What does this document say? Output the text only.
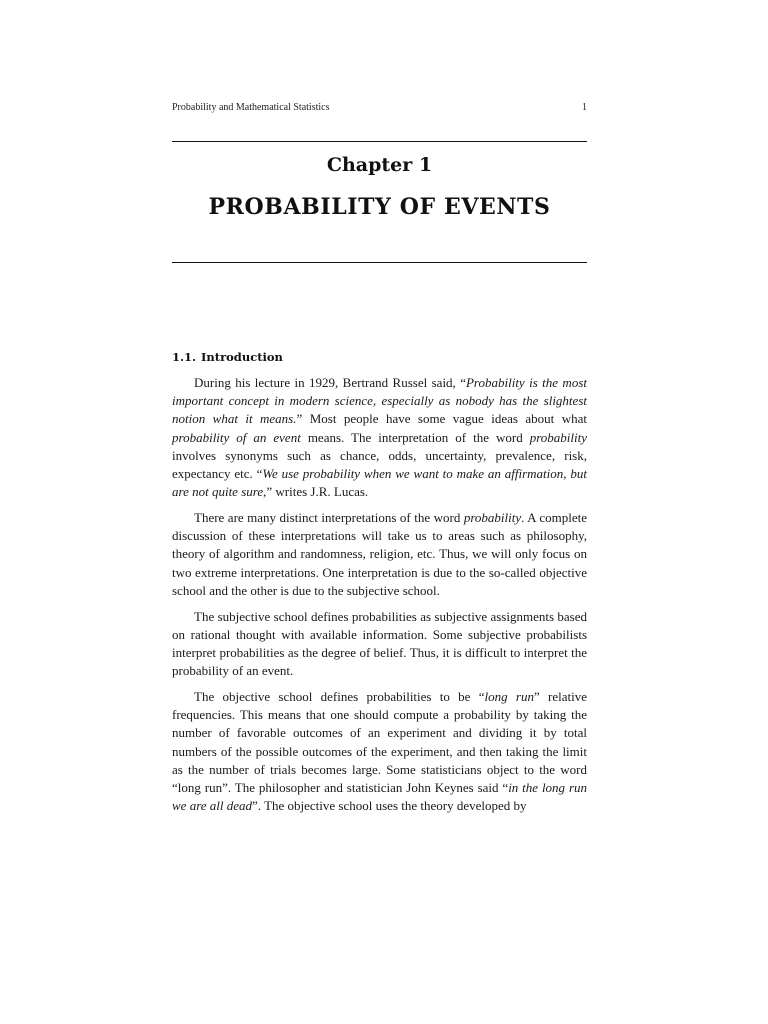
Probability and Mathematical Statistics	1
Chapter 1
PROBABILITY OF EVENTS
1.1. Introduction

During his lecture in 1929, Bertrand Russel said, “Probability is the most important concept in modern science, especially as nobody has the slightest notion what it means.” Most people have some vague ideas about what probability of an event means. The interpretation of the word probability involves synonyms such as chance, odds, uncertainty, prevalence, risk, expectancy etc. “We use probability when we want to make an affirmation, but are not quite sure,” writes J.R. Lucas.

There are many distinct interpretations of the word probability. A complete discussion of these interpretations will take us to areas such as philosophy, theory of algorithm and randomness, religion, etc. Thus, we will only focus on two extreme interpretations. One interpretation is due to the so-called objective school and the other is due to the subjective school.

The subjective school defines probabilities as subjective assignments based on rational thought with available information. Some subjective probabilists interpret probabilities as the degree of belief. Thus, it is difficult to interpret the probability of an event.

The objective school defines probabilities to be “long run” relative frequencies. This means that one should compute a probability by taking the number of favorable outcomes of an experiment and dividing it by total numbers of the possible outcomes of the experiment, and then taking the limit as the number of trials becomes large. Some statisticians object to the word “long run”. The philosopher and statistician John Keynes said “in the long run we are all dead”. The objective school uses the theory developed by
